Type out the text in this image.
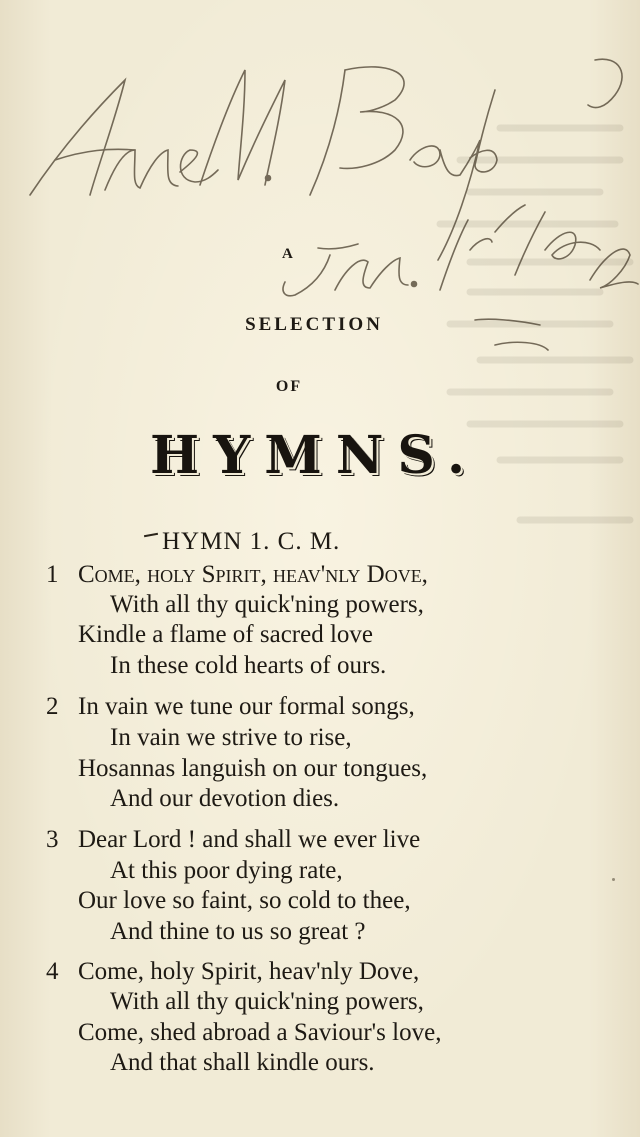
A
SELECTION
OF
HYMNS.
HYMN 1. C. M.
1 Come, holy Spirit, heav'nly Dove,
With all thy quick'ning powers,
Kindle a flame of sacred love
In these cold hearts of ours.
2 In vain we tune our formal songs,
In vain we strive to rise,
Hosannas languish on our tongues,
And our devotion dies.
3 Dear Lord ! and shall we ever live
At this poor dying rate,
Our love so faint, so cold to thee,
And thine to us so great ?
4 Come, holy Spirit, heav'nly Dove,
With all thy quick'ning powers,
Come, shed abroad a Saviour's love,
And that shall kindle ours.
